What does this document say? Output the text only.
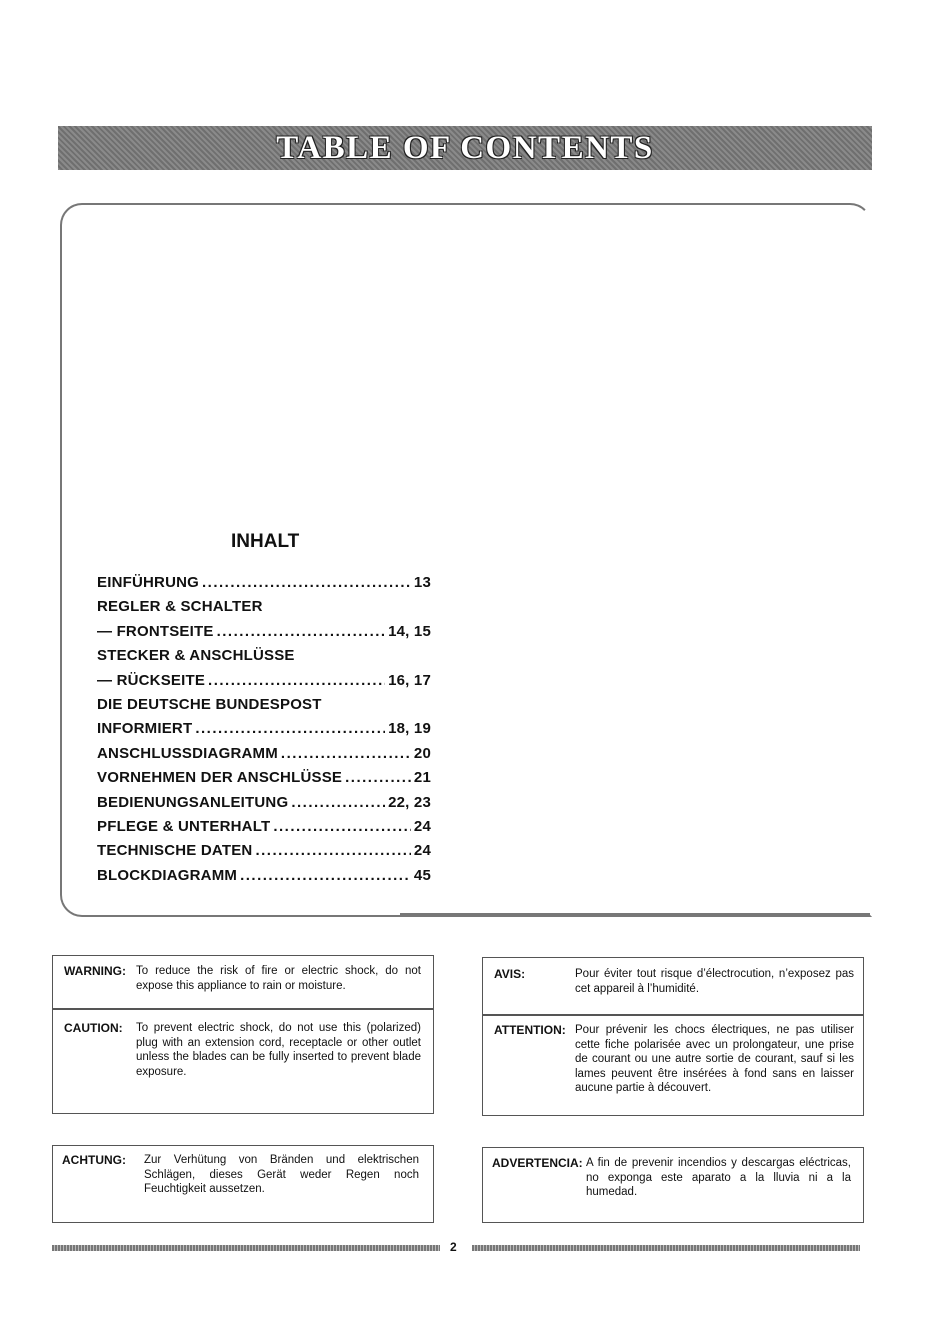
TABLE OF CONTENTS
INHALT
EINFÜHRUNG .....	13
REGLER & SCHALTER
— FRONTSEITE .....	14, 15
STECKER & ANSCHLÜSSE
— RÜCKSEITE .....	16, 17
DIE DEUTSCHE BUNDESPOST
INFORMIERT .....	18, 19
ANSCHLUSSDIAGRAMM .....	20
VORNEHMEN DER ANSCHLÜSSE .....	21
BEDIENUNGSANLEITUNG .....	22, 23
PFLEGE & UNTERHALT .....	24
TECHNISCHE DATEN .....	24
BLOCKDIAGRAMM .....	45
WARNING: To reduce the risk of fire or electric shock, do not expose this appliance to rain or moisture.
CAUTION: To prevent electric shock, do not use this (polarized) plug with an extension cord, receptacle or other outlet unless the blades can be fully inserted to prevent blade exposure.
AVIS:	Pour éviter tout risque d’électrocution, n’exposez pas cet appareil à l’humidité.
ATTENTION: Pour prévenir les chocs électriques, ne pas utiliser cette fiche polarisée avec un prolongateur, une prise de courant ou une autre sortie de courant, sauf si les lames peuvent être insérées à fond sans en laisser aucune partie à découvert.
ACHTUNG: Zur Verhütung von Bränden und elektrischen Schlägen, dieses Gerät weder Regen noch Feuchtigkeit aussetzen.
ADVERTENCIA: A fin de prevenir incendios y descargas eléctricas, no exponga este aparato a la lluvia ni a la humedad.
2
